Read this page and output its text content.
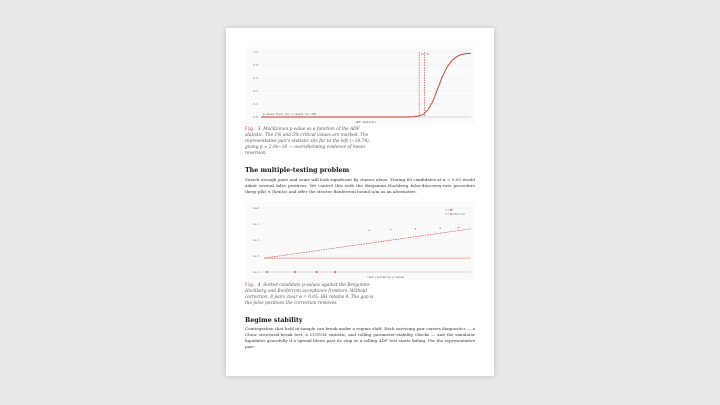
1.0
0.8
0.6
0.4
0.2
0.0
1% 5%
p-value floor (by x-level) for ADF
ADF statistic

Fig. 3 MacKinnon p-value as a function of the ADF statistic. The 1% and 5% critical values are marked. The representative pair's statistic sits far to the left (−18.74), giving p ≈ 2.9e−30 — overwhelming evidence of mean reversion.

The multiple-testing problem

Search enough pairs and some will look significant by chance alone. Testing 68 candidates at α = 0.05 would admit several false positives. We control this with the Benjamini–Hochberg false-discovery-rate procedure (keep p(k) ≤ (k/m)α) and offer the stricter Bonferroni bound α/m as an alternative.

1e+0
1e-1
1e-2
1e-3
1e-4
BH
Bonferroni
rank (sorted by p-value)

Fig. 4 Sorted candidate p-values against the Benjamini–Hochberg and Bonferroni acceptance frontiers. Without correction, 8 pairs clear α = 0.05; BH retains 4. The gap is the false positives the correction removes.

Regime stability

Cointegration that held in-sample can break under a regime shift. Each surviving pair carries diagnostics — a Chow structural-break test, a CUSUM statistic, and rolling parameter-stability checks — and the simulator liquidates gracefully if a spread blows past its stop or a rolling ADF test starts failing. For the representative pair:
